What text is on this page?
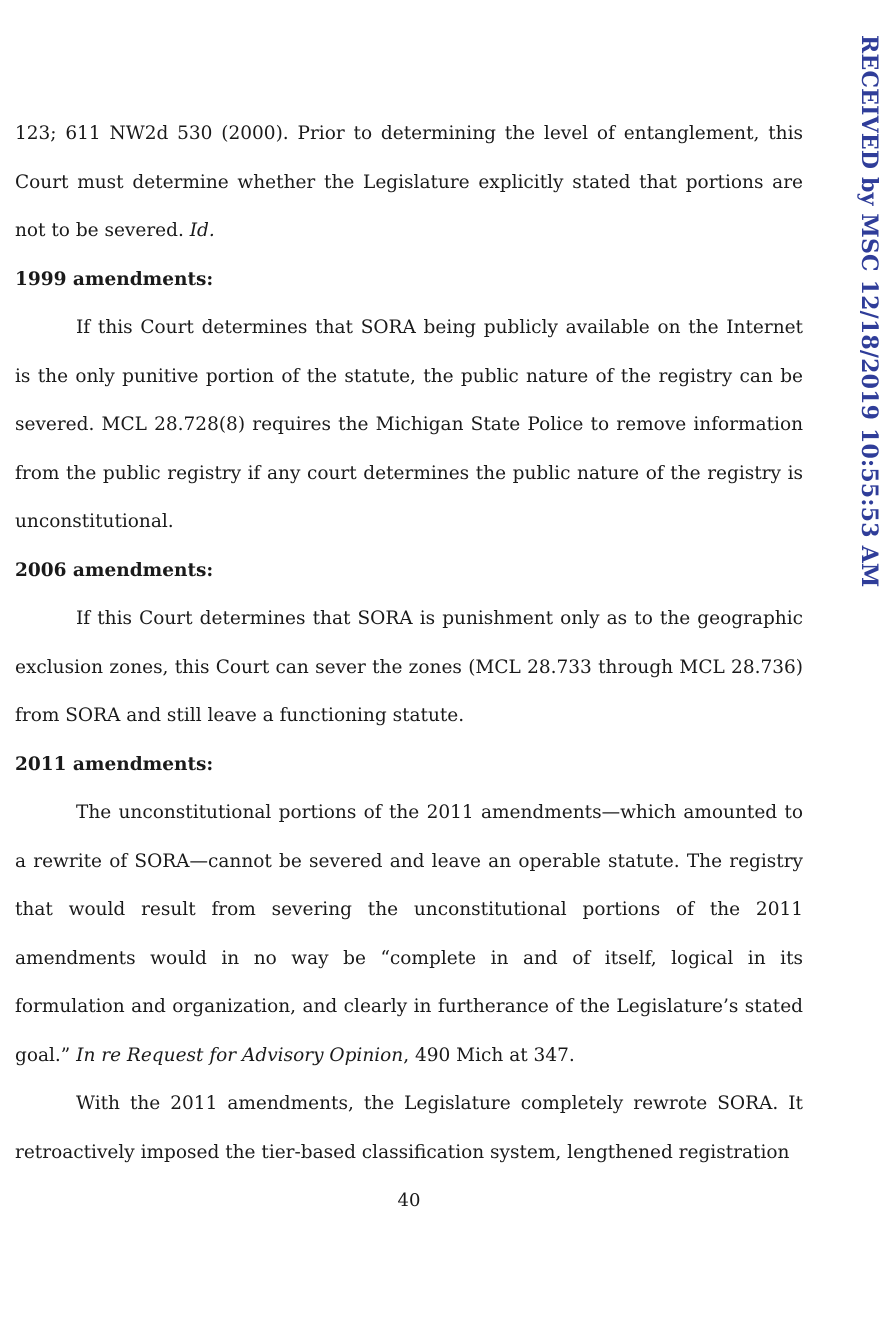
RECEIVED by MSC 12/18/2019 10:55:53 AM

123; 611 NW2d 530 (2000). Prior to determining the level of entanglement, this Court must determine whether the Legislature explicitly stated that portions are not to be severed. Id.

1999 amendments:

If this Court determines that SORA being publicly available on the Internet is the only punitive portion of the statute, the public nature of the registry can be severed. MCL 28.728(8) requires the Michigan State Police to remove information from the public registry if any court determines the public nature of the registry is unconstitutional.

2006 amendments:

If this Court determines that SORA is punishment only as to the geographic exclusion zones, this Court can sever the zones (MCL 28.733 through MCL 28.736) from SORA and still leave a functioning statute.

2011 amendments:

The unconstitutional portions of the 2011 amendments—which amounted to a rewrite of SORA—cannot be severed and leave an operable statute. The registry that would result from severing the unconstitutional portions of the 2011 amendments would in no way be “complete in and of itself, logical in its formulation and organization, and clearly in furtherance of the Legislature’s stated goal.” In re Request for Advisory Opinion, 490 Mich at 347.

With the 2011 amendments, the Legislature completely rewrote SORA. It retroactively imposed the tier-based classification system, lengthened registration

40
